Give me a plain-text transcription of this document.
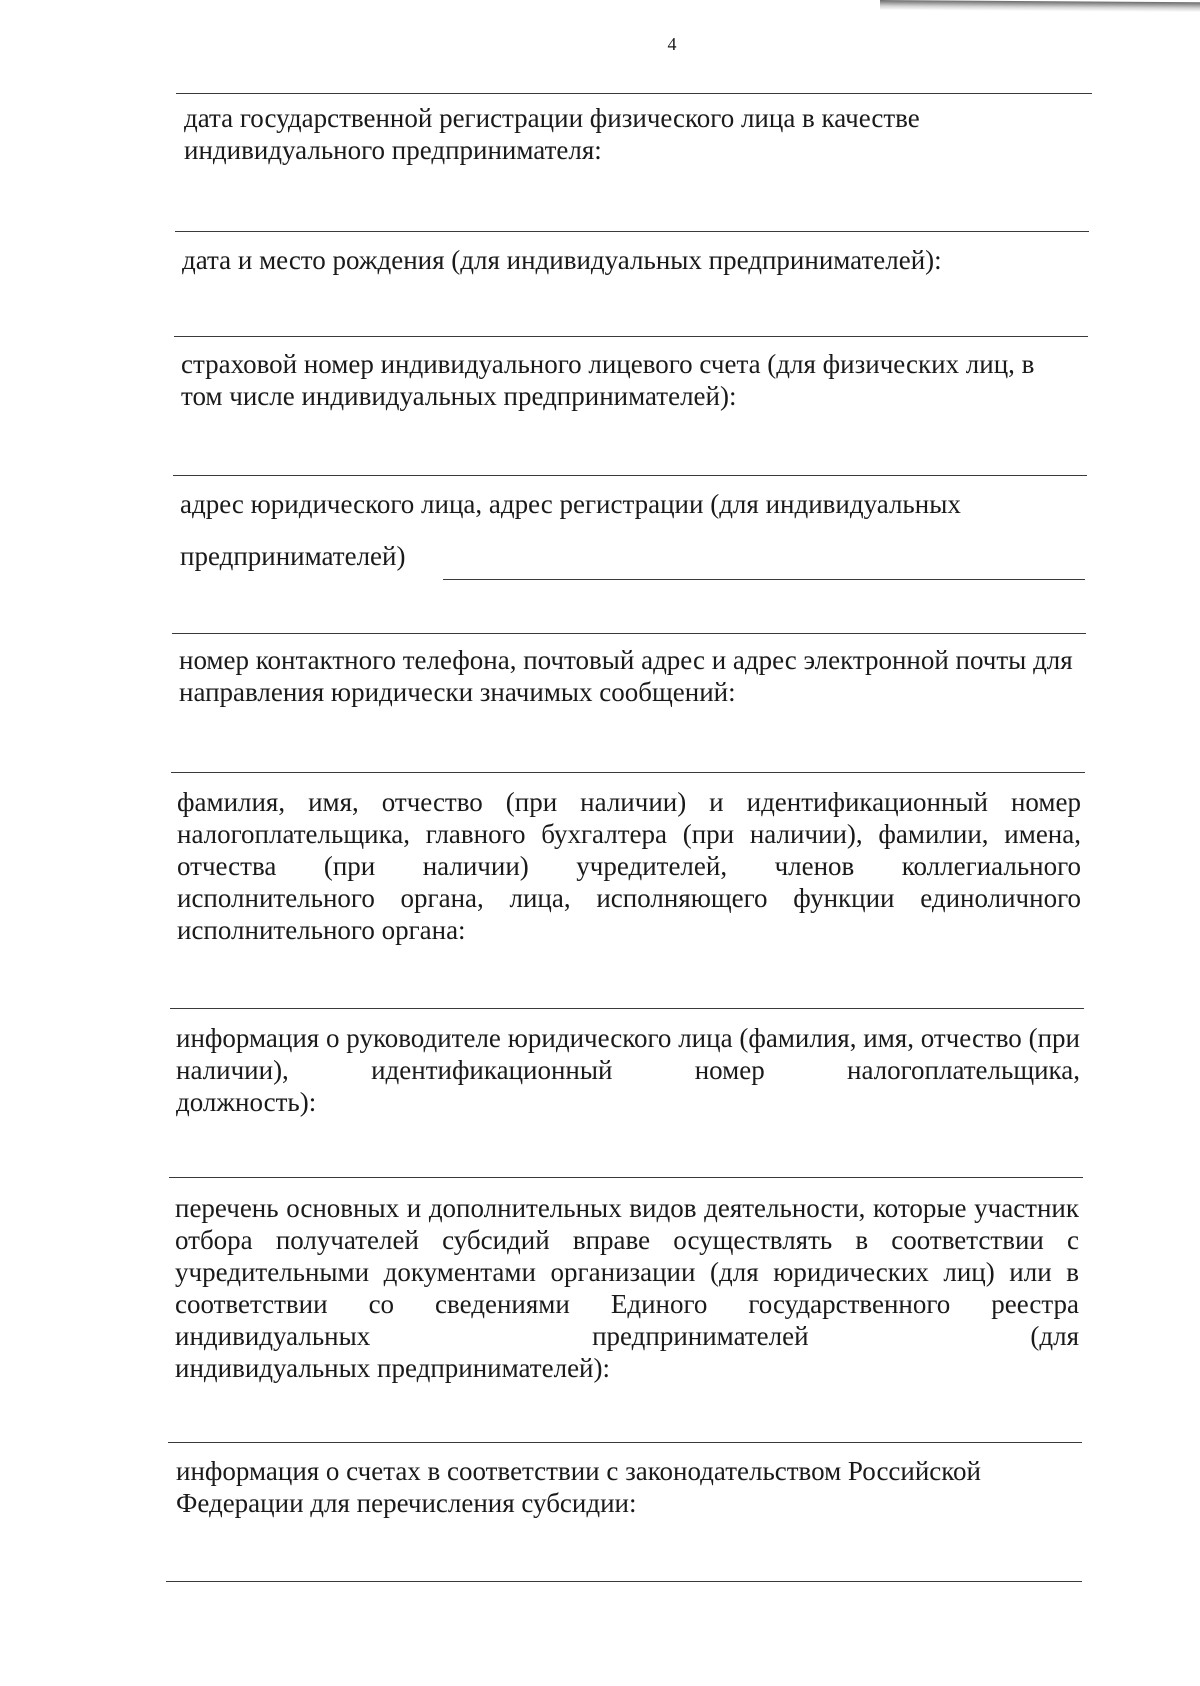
4

дата государственной регистрации физического лица в качестве индивидуального предпринимателя:

дата и место рождения (для индивидуальных предпринимателей):

страховой номер индивидуального лицевого счета (для физических лиц, в том числе индивидуальных предпринимателей):

адрес юридического лица, адрес регистрации (для индивидуальных

предпринимателей)

номер контактного телефона, почтовый адрес и адрес электронной почты для направления юридически значимых сообщений:

фамилия, имя, отчество (при наличии) и идентификационный номер налогоплательщика, главного бухгалтера (при наличии), фамилии, имена, отчества (при наличии) учредителей, членов коллегиального исполнительного органа, лица, исполняющего функции единоличного
исполнительного органа:

информация о руководителе юридического лица (фамилия, имя, отчество (при наличии), идентификационный номер налогоплательщика,
должность):

перечень основных и дополнительных видов деятельности, которые участник отбора получателей субсидий вправе осуществлять в соответствии с учредительными документами организации (для юридических лиц) или в соответствии со сведениями Единого государственного реестра индивидуальных предпринимателей (для
индивидуальных предпринимателей):

информация о счетах в соответствии с законодательством Российской Федерации для перечисления субсидии:
